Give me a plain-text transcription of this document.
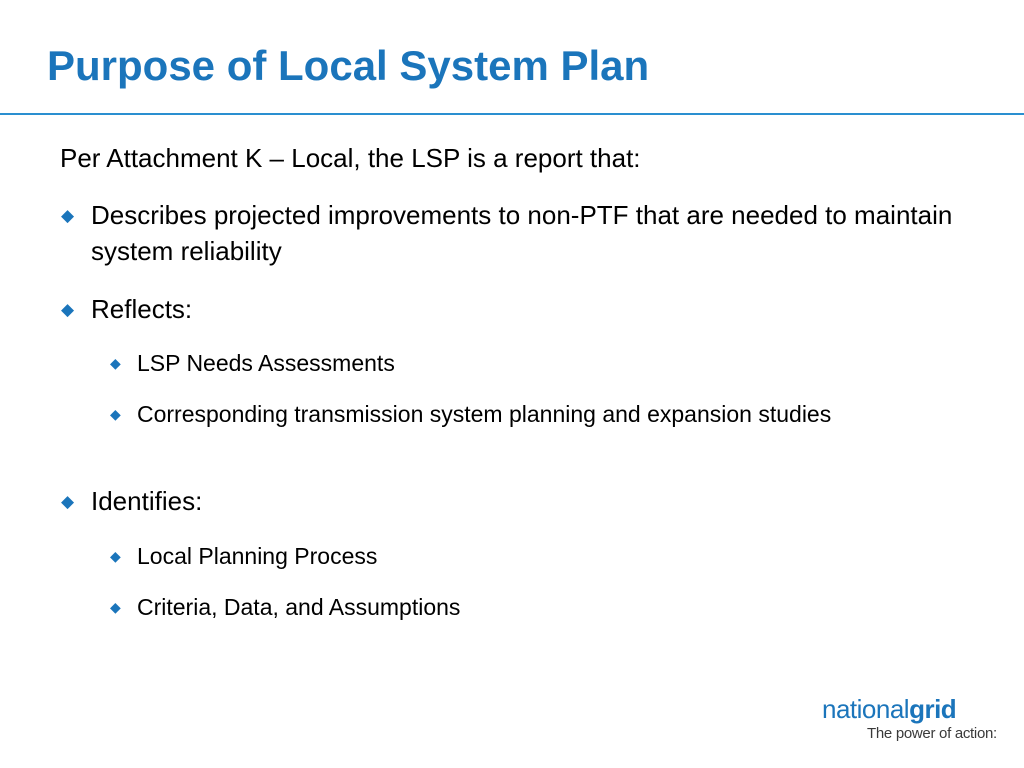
Purpose of Local System Plan
Per Attachment K – Local, the LSP is a report that:
◆ Describes projected improvements to non-PTF that are needed to maintain system reliability
◆ Reflects:
◆ LSP Needs Assessments
◆ Corresponding transmission system planning and expansion studies
◆ Identifies:
◆ Local Planning Process
◆ Criteria, Data, and Assumptions
nationalgrid
The power of action:
